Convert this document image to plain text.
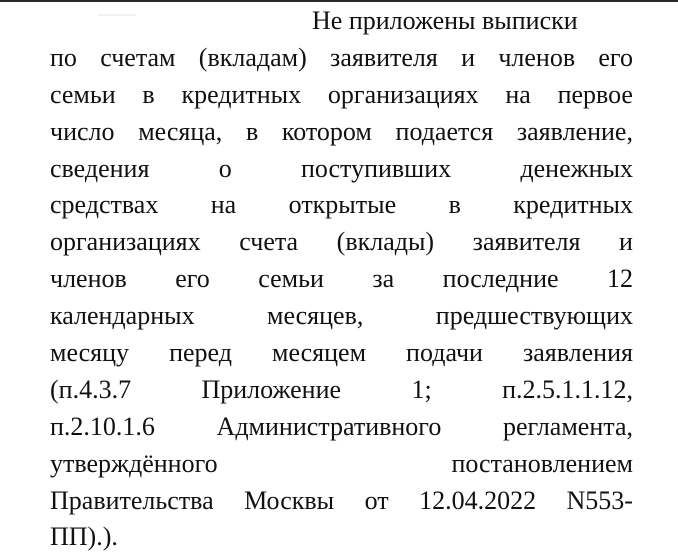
Не приложены выписки
по счетам (вкладам) заявителя и членов его
семьи в кредитных организациях на первое
число месяца, в котором подается заявление,
сведения	о	поступивших	денежных
средствах на открытые в кредитных
организациях счета (вклады) заявителя и
членов его семьи за последние 12
календарных	месяцев,	предшествующих
месяцу перед месяцем подачи заявления
(п.4.3.7	Приложение	1;	п.2.5.1.1.12,
п.2.10.1.6 Административного регламента,
утверждённого	постановлением
Правительства Москвы от 12.04.2022 N553-
ПП).).
